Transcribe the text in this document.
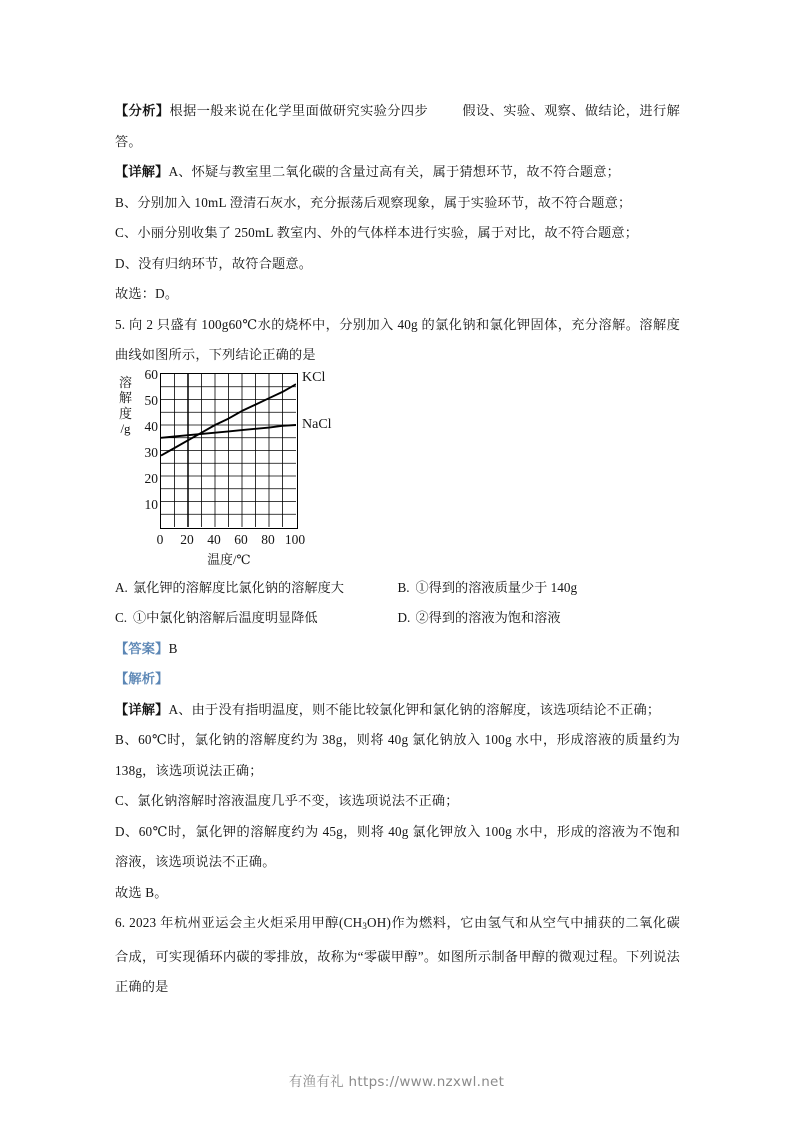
【分析】根据一般来说在化学里面做研究实验分四步	假设、实验、观察、做结论，进行解答。

【详解】A、怀疑与教室里二氧化碳的含量过高有关，属于猜想环节，故不符合题意；

B、分别加入 10mL 澄清石灰水，充分振荡后观察现象，属于实验环节，故不符合题意；

C、小丽分别收集了 250mL 教室内、外的气体样本进行实验，属于对比，故不符合题意；

D、没有归纳环节，故符合题意。

故选：D。

5. 向 2 只盛有 100g60℃水的烧杯中，分别加入 40g 的氯化钠和氯化钾固体，充分溶解。溶解度曲线如图所示，下列结论正确的是

溶
解
度
/g
60
50
40
30
20
10
0 20 40 60 80 100
温度/℃
KCl
NaCl
A. 氯化钾的溶解度比氯化钠的溶解度大	B. ①得到的溶液质量少于 140g
C. ①中氯化钠溶解后温度明显降低	D. ②得到的溶液为饱和溶液

【答案】B

【解析】

【详解】A、由于没有指明温度，则不能比较氯化钾和氯化钠的溶解度，该选项结论不正确；

B、60℃时，氯化钠的溶解度约为 38g，则将 40g 氯化钠放入 100g 水中，形成溶液的质量约为 138g，该选项说法正确；

C、氯化钠溶解时溶液温度几乎不变，该选项说法不正确；

D、60℃时，氯化钾的溶解度约为 45g，则将 40g 氯化钾放入 100g 水中，形成的溶液为不饱和溶液，该选项说法不正确。

故选 B。

6. 2023 年杭州亚运会主火炬采用甲醇$(CH_3OH)$作为燃料，它由氢气和从空气中捕获的二氧化碳合成，可实现循环内碳的零排放，故称为“零碳甲醇”。如图所示制备甲醇的微观过程。下列说法正确的是

有渔有礼 https://www.nzxwl.net
